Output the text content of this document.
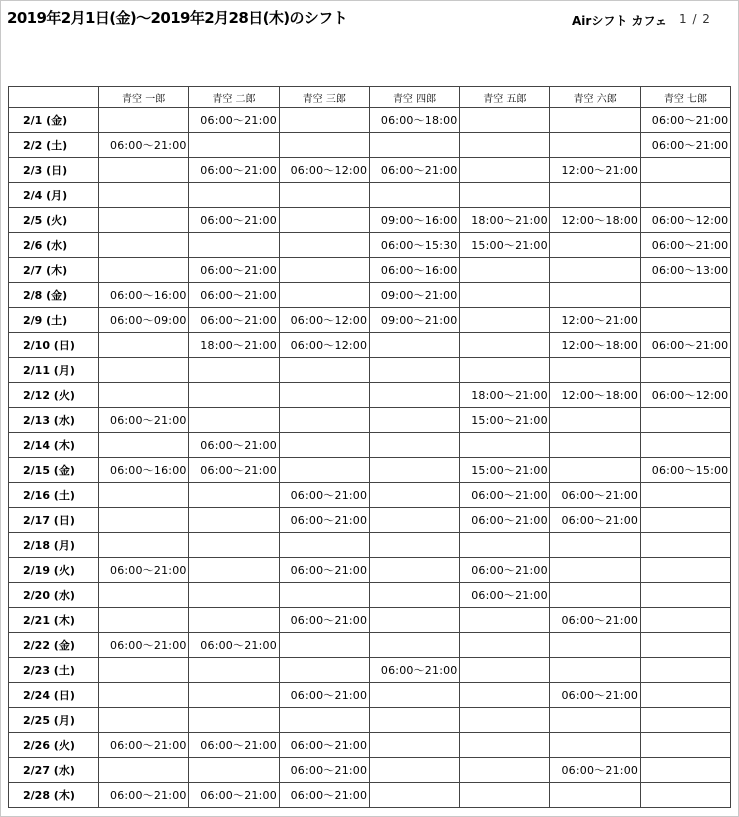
2019年2月1日(金)〜2019年2月28日(木)のシフト	Airシフト カフェ 1 / 2
	青空 一郎	青空 二郎	青空 三郎	青空 四郎	青空 五郎	青空 六郎	青空 七郎
2/1 (金)		06:00〜21:00		06:00〜18:00			06:00〜21:00
2/2 (土)	06:00〜21:00						06:00〜21:00
2/3 (日)		06:00〜21:00	06:00〜12:00	06:00〜21:00		12:00〜21:00	
2/4 (月)							
2/5 (火)		06:00〜21:00		09:00〜16:00	18:00〜21:00	12:00〜18:00	06:00〜12:00
2/6 (水)				06:00〜15:30	15:00〜21:00		06:00〜21:00
2/7 (木)		06:00〜21:00		06:00〜16:00			06:00〜13:00
2/8 (金)	06:00〜16:00	06:00〜21:00		09:00〜21:00			
2/9 (土)	06:00〜09:00	06:00〜21:00	06:00〜12:00	09:00〜21:00		12:00〜21:00	
2/10 (日)		18:00〜21:00	06:00〜12:00			12:00〜18:00	06:00〜21:00
2/11 (月)							
2/12 (火)					18:00〜21:00	12:00〜18:00	06:00〜12:00
2/13 (水)	06:00〜21:00				15:00〜21:00		
2/14 (木)		06:00〜21:00					
2/15 (金)	06:00〜16:00	06:00〜21:00			15:00〜21:00		06:00〜15:00
2/16 (土)			06:00〜21:00		06:00〜21:00	06:00〜21:00	
2/17 (日)			06:00〜21:00		06:00〜21:00	06:00〜21:00	
2/18 (月)							
2/19 (火)	06:00〜21:00		06:00〜21:00		06:00〜21:00		
2/20 (水)					06:00〜21:00		
2/21 (木)			06:00〜21:00			06:00〜21:00	
2/22 (金)	06:00〜21:00	06:00〜21:00					
2/23 (土)				06:00〜21:00			
2/24 (日)			06:00〜21:00			06:00〜21:00	
2/25 (月)							
2/26 (火)	06:00〜21:00	06:00〜21:00	06:00〜21:00				
2/27 (水)			06:00〜21:00			06:00〜21:00	
2/28 (木)	06:00〜21:00	06:00〜21:00	06:00〜21:00				
